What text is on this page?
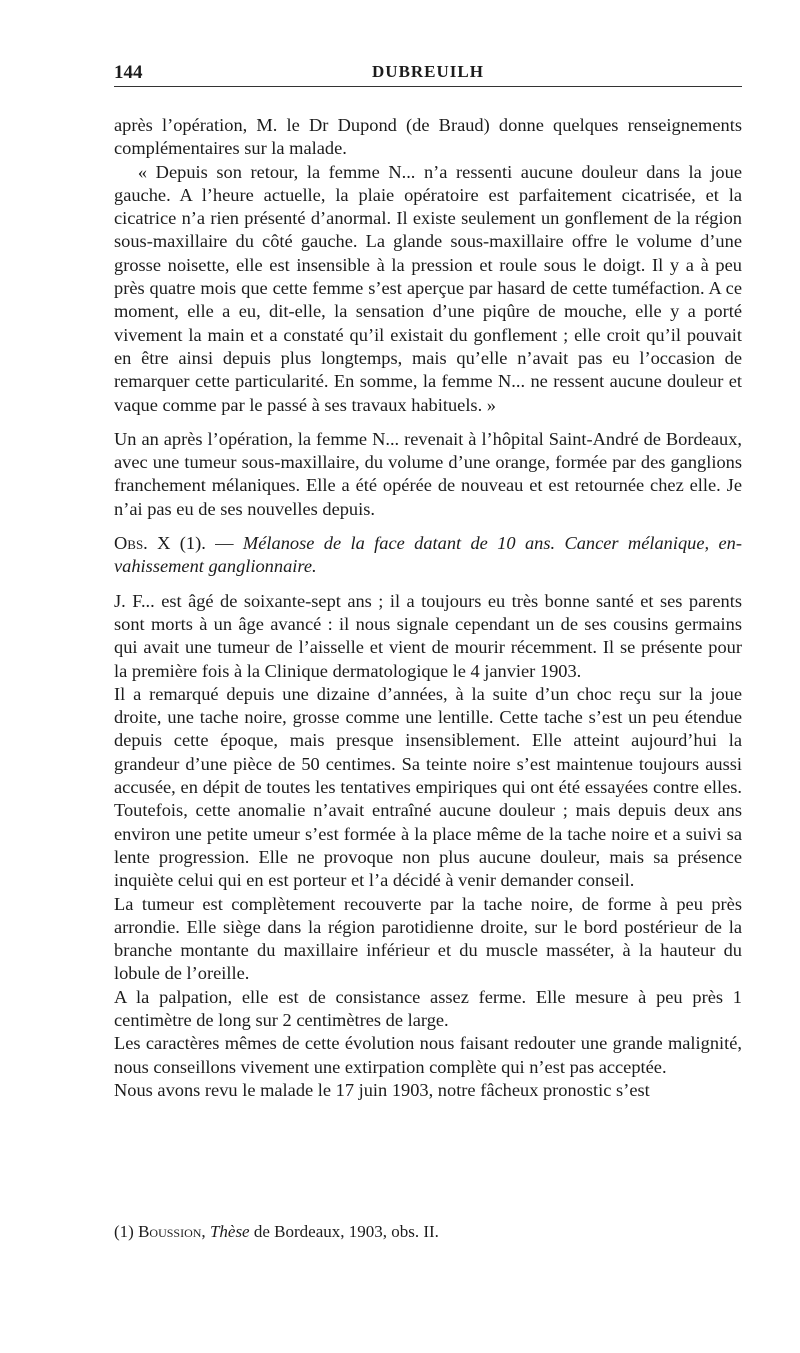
144	DUBREUILH

après l’opération, M. le Dr Dupond (de Braud) donne quelques renseignements complémentaires sur la malade.

« Depuis son retour, la femme N... n’a ressenti aucune douleur dans la joue gauche. A l’heure actuelle, la plaie opératoire est parfaitement cicatrisée, et la cicatrice n’a rien présenté d’anormal. Il existe seulement un gonflement de la région sous-maxillaire du côté gauche. La glande sous-maxillaire offre le volume d’une grosse noisette, elle est insensible à la pression et roule sous le doigt. Il y a à peu près quatre mois que cette femme s’est aperçue par hasard de cette tuméfaction. A ce moment, elle a eu, dit-elle, la sensation d’une piqûre de mouche, elle y a porté vivement la main et a constaté qu’il existait du gonflement ; elle croit qu’il pouvait en être ainsi depuis plus longtemps, mais qu’elle n’avait pas eu l’occasion de remarquer cette particularité. En somme, la femme N... ne ressent aucune douleur et vaque comme par le passé à ses travaux habituels. »

Un an après l’opération, la femme N... revenait à l’hôpital Saint-André de Bordeaux, avec une tumeur sous-maxillaire, du volume d’une orange, formée par des ganglions franchement mélaniques. Elle a été opérée de nouveau et est retournée chez elle. Je n’ai pas eu de ses nouvelles depuis.

Obs. X (1). — Mélanose de la face datant de 10 ans. Cancer mélanique, envahissement ganglionnaire.

J. F... est âgé de soixante-sept ans ; il a toujours eu très bonne santé et ses parents sont morts à un âge avancé : il nous signale cependant un de ses cousins germains qui avait une tumeur de l’aisselle et vient de mourir récemment. Il se présente pour la première fois à la Clinique dermatologique le 4 janvier 1903.

Il a remarqué depuis une dizaine d’années, à la suite d’un choc reçu sur la joue droite, une tache noire, grosse comme une lentille. Cette tache s’est un peu étendue depuis cette époque, mais presque insensiblement. Elle atteint aujourd’hui la grandeur d’une pièce de 50 centimes. Sa teinte noire s’est maintenue toujours aussi accusée, en dépit de toutes les tentatives empiriques qui ont été essayées contre elles. Toutefois, cette anomalie n’avait entraîné aucune douleur ; mais depuis deux ans environ une petite umeur s’est formée à la place même de la tache noire et a suivi sa lente progression. Elle ne provoque non plus aucune douleur, mais sa présence inquiète celui qui en est porteur et l’a décidé à venir demander conseil.

La tumeur est complètement recouverte par la tache noire, de forme à peu près arrondie. Elle siège dans la région parotidienne droite, sur le bord postérieur de la branche montante du maxillaire inférieur et du muscle masséter, à la hauteur du lobule de l’oreille.

A la palpation, elle est de consistance assez ferme. Elle mesure à peu près 1 centimètre de long sur 2 centimètres de large.

Les caractères mêmes de cette évolution nous faisant redouter une grande malignité, nous conseillons vivement une extirpation complète qui n’est pas acceptée.

Nous avons revu le malade le 17 juin 1903, notre fâcheux pronostic s’est

(1) Boussion, Thèse de Bordeaux, 1903, obs. II.
